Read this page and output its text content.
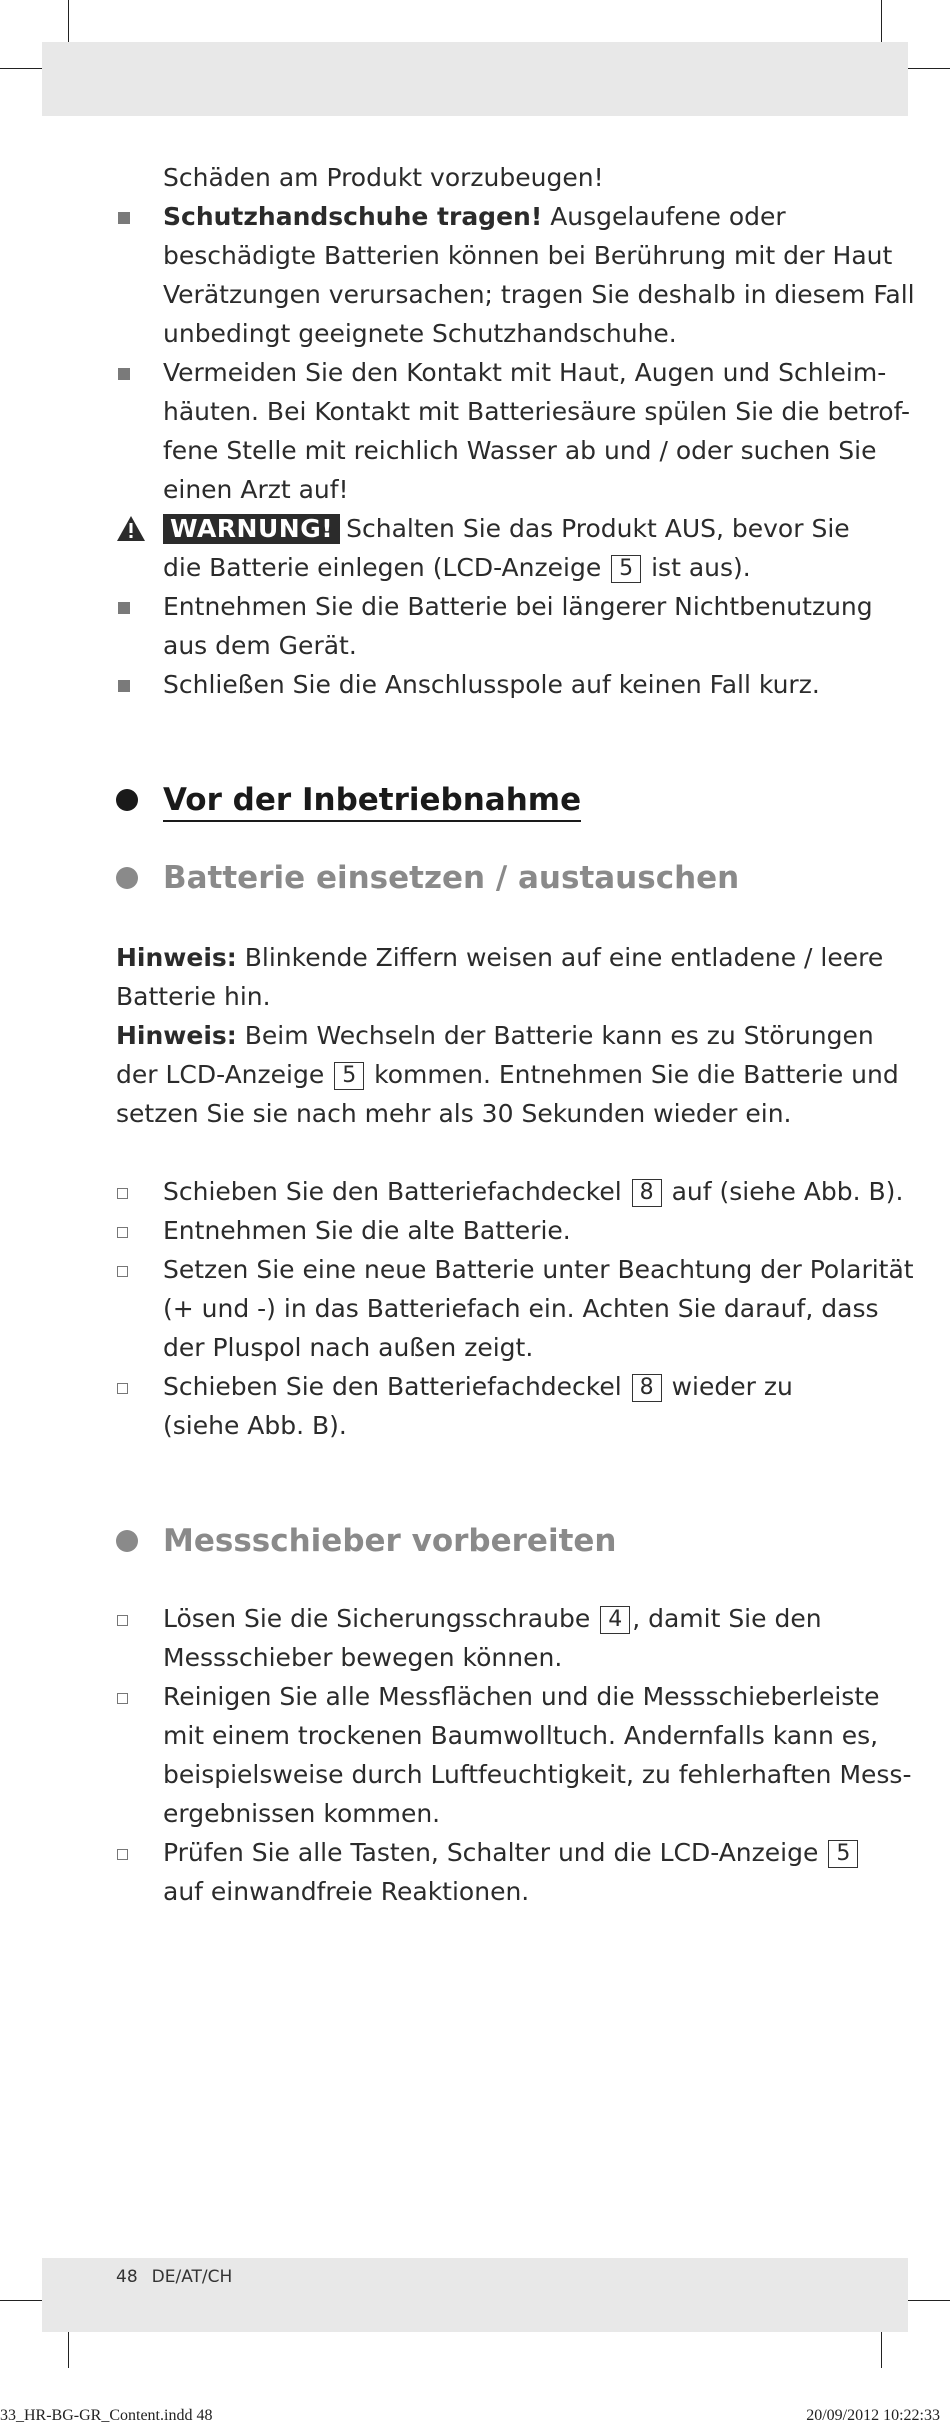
Schäden am Produkt vorzubeugen!
Schutzhandschuhe tragen! Ausgelaufene oder
beschädigte Batterien können bei Berührung mit der Haut
Verätzungen verursachen; tragen Sie deshalb in diesem Fall
unbedingt geeignete Schutzhandschuhe.
Vermeiden Sie den Kontakt mit Haut, Augen und Schleim-
häuten. Bei Kontakt mit Batteriesäure spülen Sie die betrof-
fene Stelle mit reichlich Wasser ab und / oder suchen Sie
einen Arzt auf!
WARNUNG! Schalten Sie das Produkt AUS, bevor Sie
die Batterie einlegen (LCD-Anzeige 5 ist aus).
Entnehmen Sie die Batterie bei längerer Nichtbenutzung
aus dem Gerät.
Schließen Sie die Anschlusspole auf keinen Fall kurz.
Vor der Inbetriebnahme
Batterie einsetzen / austauschen
Hinweis: Blinkende Ziffern weisen auf eine entladene / leere
Batterie hin.
Hinweis: Beim Wechseln der Batterie kann es zu Störungen
der LCD-Anzeige 5 kommen. Entnehmen Sie die Batterie und
setzen Sie sie nach mehr als 30 Sekunden wieder ein.
Schieben Sie den Batteriefachdeckel 8 auf (siehe Abb. B).
Entnehmen Sie die alte Batterie.
Setzen Sie eine neue Batterie unter Beachtung der Polarität
(+ und -) in das Batteriefach ein. Achten Sie darauf, dass
der Pluspol nach außen zeigt.
Schieben Sie den Batteriefachdeckel 8 wieder zu
(siehe Abb. B).
Messschieber vorbereiten
Lösen Sie die Sicherungsschraube 4 , damit Sie den
Messschieber bewegen können.
Reinigen Sie alle Messflächen und die Messschieberleiste
mit einem trockenen Baumwolltuch. Andernfalls kann es,
beispielsweise durch Luftfeuchtigkeit, zu fehlerhaften Mess-
ergebnissen kommen.
Prüfen Sie alle Tasten, Schalter und die LCD-Anzeige 5
auf einwandfreie Reaktionen.
48 DE/AT/CH
33_HR-BG-GR_Content.indd 48	20/09/2012 10:22:33
